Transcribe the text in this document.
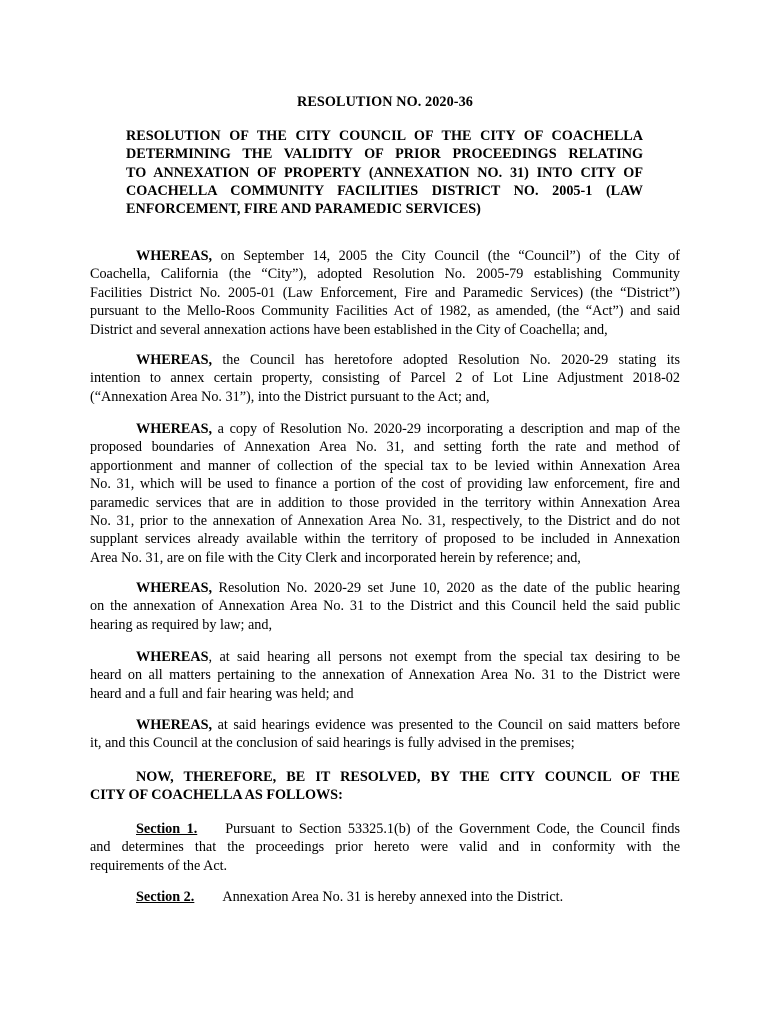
RESOLUTION NO. 2020-36
RESOLUTION OF THE CITY COUNCIL OF THE CITY OF COACHELLA
DETERMINING THE VALIDITY OF PRIOR PROCEEDINGS RELATING
TO ANNEXATION OF PROPERTY (ANNEXATION NO. 31) INTO CITY OF
COACHELLA COMMUNITY FACILITIES DISTRICT NO. 2005-1 (LAW
ENFORCEMENT, FIRE AND PARAMEDIC SERVICES)
WHEREAS, on September 14, 2005 the City Council (the “Council”) of the City of
Coachella, California (the “City”), adopted Resolution No. 2005-79 establishing Community
Facilities District No. 2005-01 (Law Enforcement, Fire and Paramedic Services) (the “District”)
pursuant to the Mello-Roos Community Facilities Act of 1982, as amended, (the “Act”) and said
District and several annexation actions have been established in the City of Coachella; and,
WHEREAS, the Council has heretofore adopted Resolution No. 2020-29 stating its
intention to annex certain property, consisting of Parcel 2 of Lot Line Adjustment 2018-02
(“Annexation Area No. 31”), into the District pursuant to the Act; and,
WHEREAS, a copy of Resolution No. 2020-29 incorporating a description and map of the
proposed boundaries of Annexation Area No. 31, and setting forth the rate and method of
apportionment and manner of collection of the special tax to be levied within Annexation Area
No. 31, which will be used to finance a portion of the cost of providing law enforcement, fire and
paramedic services that are in addition to those provided in the territory within Annexation Area
No. 31, prior to the annexation of Annexation Area No. 31, respectively, to the District and do not
supplant services already available within the territory of proposed to be included in Annexation
Area No. 31, are on file with the City Clerk and incorporated herein by reference; and,
WHEREAS, Resolution No. 2020-29 set June 10, 2020 as the date of the public hearing
on the annexation of Annexation Area No. 31 to the District and this Council held the said public
hearing as required by law; and,
WHEREAS, at said hearing all persons not exempt from the special tax desiring to be
heard on all matters pertaining to the annexation of Annexation Area No. 31 to the District were
heard and a full and fair hearing was held; and
WHEREAS, at said hearings evidence was presented to the Council on said matters before
it, and this Council at the conclusion of said hearings is fully advised in the premises;
NOW, THEREFORE, BE IT RESOLVED, BY THE CITY COUNCIL OF THE
CITY OF COACHELLA AS FOLLOWS:
Section 1. Pursuant to Section 53325.1(b) of the Government Code, the Council finds
and determines that the proceedings prior hereto were valid and in conformity with the
requirements of the Act.
Section 2. Annexation Area No. 31 is hereby annexed into the District.
